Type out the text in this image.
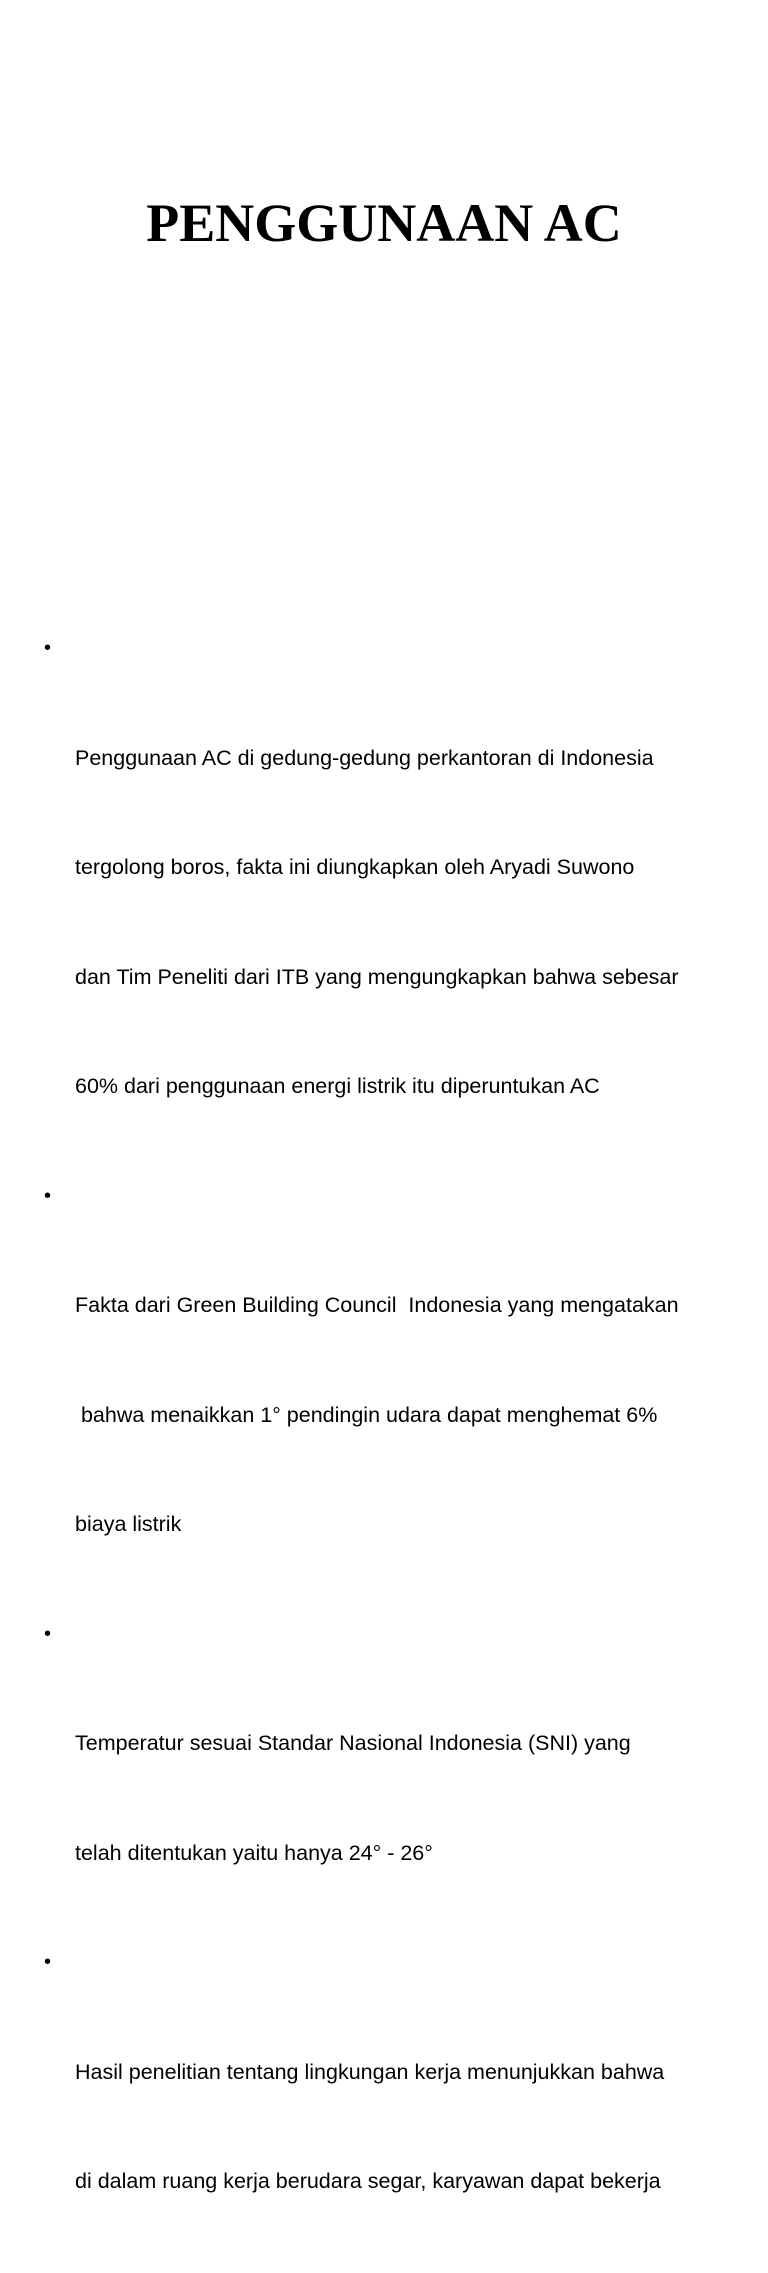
PENGGUNAAN AC

•

Penggunaan AC di gedung-gedung perkantoran di Indonesia

tergolong boros, fakta ini diungkapkan oleh Aryadi Suwono

dan Tim Peneliti dari ITB yang mengungkapkan bahwa sebesar

60% dari penggunaan energi listrik itu diperuntukan AC

•

Fakta dari Green Building Council  Indonesia yang mengatakan

bahwa menaikkan 1° pendingin udara dapat menghemat 6%

biaya listrik

•

Temperatur sesuai Standar Nasional Indonesia (SNI) yang

telah ditentukan yaitu hanya 24° - 26°

•

Hasil penelitian tentang lingkungan kerja menunjukkan bahwa

di dalam ruang kerja berudara segar, karyawan dapat bekerja
